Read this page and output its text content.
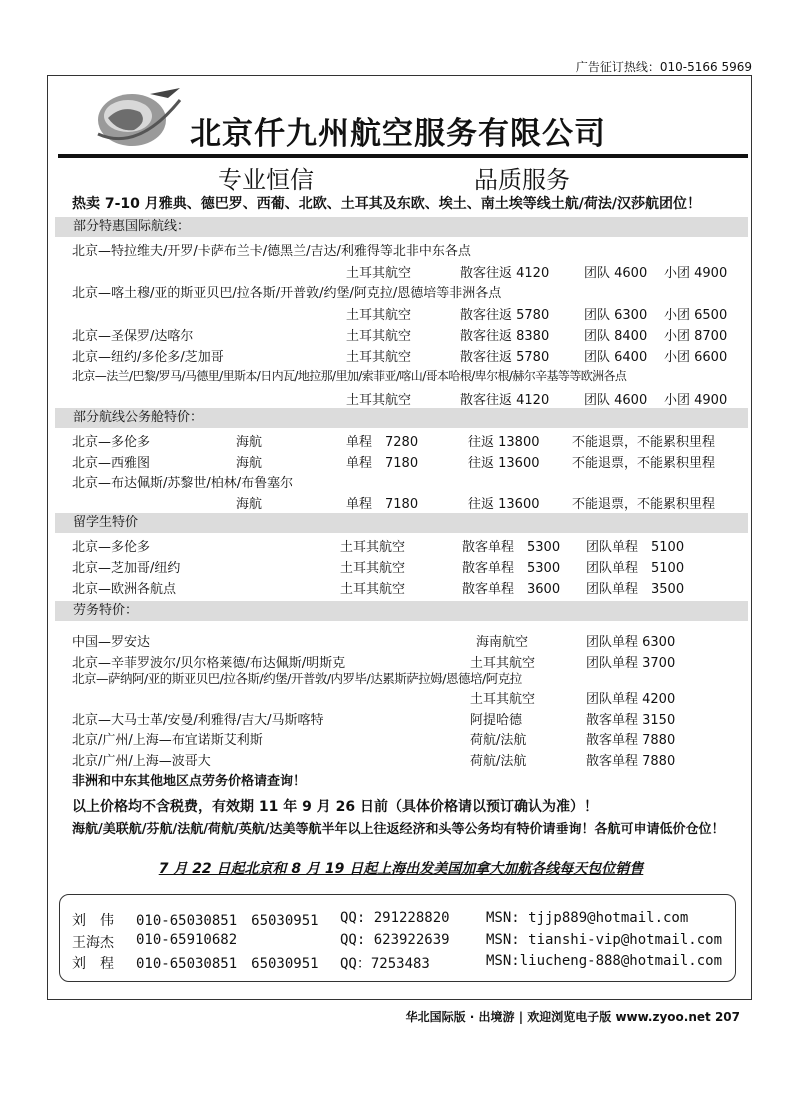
广告征订热线：010-5166 5969
北京仟九州航空服务有限公司
专业恒信	品质服务
热卖 7-10 月雅典、德巴罗、西葡、北欧、土耳其及东欧、埃土、南土埃等线土航/荷法/汉莎航团位！
部分特惠国际航线：
北京—特拉维夫/开罗/卡萨布兰卡/德黑兰/吉达/利雅得等北非中东各点
土耳其航空	散客往返 4120	团队 4600 小团 4900
北京—喀土穆/亚的斯亚贝巴/拉各斯/开普敦/约堡/阿克拉/恩德培等非洲各点
土耳其航空	散客往返 5780	团队 6300 小团 6500
北京—圣保罗/达喀尔	土耳其航空	散客往返 8380	团队 8400 小团 8700
北京—纽约/多伦多/芝加哥	土耳其航空	散客往返 5780	团队 6400 小团 6600
北京—法兰/巴黎/罗马/马德里/里斯本/日内瓦/地拉那/里加/索菲亚/喀山/哥本哈根/卑尔根/赫尔辛基等等欧洲各点
土耳其航空	散客往返 4120	团队 4600 小团 4900
部分航线公务舱特价：
北京—多伦多	海航	单程　7280	往返 13800	不能退票，不能累积里程
北京—西雅图	海航	单程　7180	往返 13600	不能退票，不能累积里程
北京—布达佩斯/苏黎世/柏林/布鲁塞尔
海航	单程　7180	往返 13600	不能退票，不能累积里程
留学生特价
北京—多伦多	土耳其航空	散客单程　5300 团队单程　5100
北京—芝加哥/纽约	土耳其航空	散客单程　5300 团队单程　5100
北京—欧洲各航点	土耳其航空	散客单程　3600 团队单程　3500
劳务特价：
中国—罗安达	海南航空	团队单程 6300
北京—辛菲罗波尔/贝尔格莱德/布达佩斯/明斯克	土耳其航空	团队单程 3700
北京—萨纳阿/亚的斯亚贝巴/拉各斯/约堡/开普敦/内罗毕/达累斯萨拉姆/恩德培/阿克拉
土耳其航空	团队单程 4200
北京—大马士革/安曼/利雅得/吉大/马斯喀特	阿提哈德	散客单程 3150
北京/广州/上海—布宜诺斯艾利斯	荷航/法航	散客单程 7880
北京/广州/上海—波哥大	荷航/法航	散客单程 7880
非洲和中东其他地区点劳务价格请查询！
以上价格均不含税费，有效期 11 年 9 月 26 日前（具体价格请以预订确认为准）！
海航/美联航/芬航/法航/荷航/英航/达美等航半年以上往返经济和头等公务均有特价请垂询！各航可申请低价仓位！
7 月 22 日起北京和 8 月 19 日起上海出发美国加拿大加航各线每天包位销售
刘　伟 010-65030851　65030951 QQ: 291228820	MSN: tjjp889@hotmail.com
王海杰 010-65910682	QQ: 623922639	MSN: tianshi-vip@hotmail.com
刘　程 010-65030851　65030951 QQ：7253483	MSN:liucheng-888@hotmail.com
华北国际版 · 出境游 | 欢迎浏览电子版 www.zyoo.net 207
